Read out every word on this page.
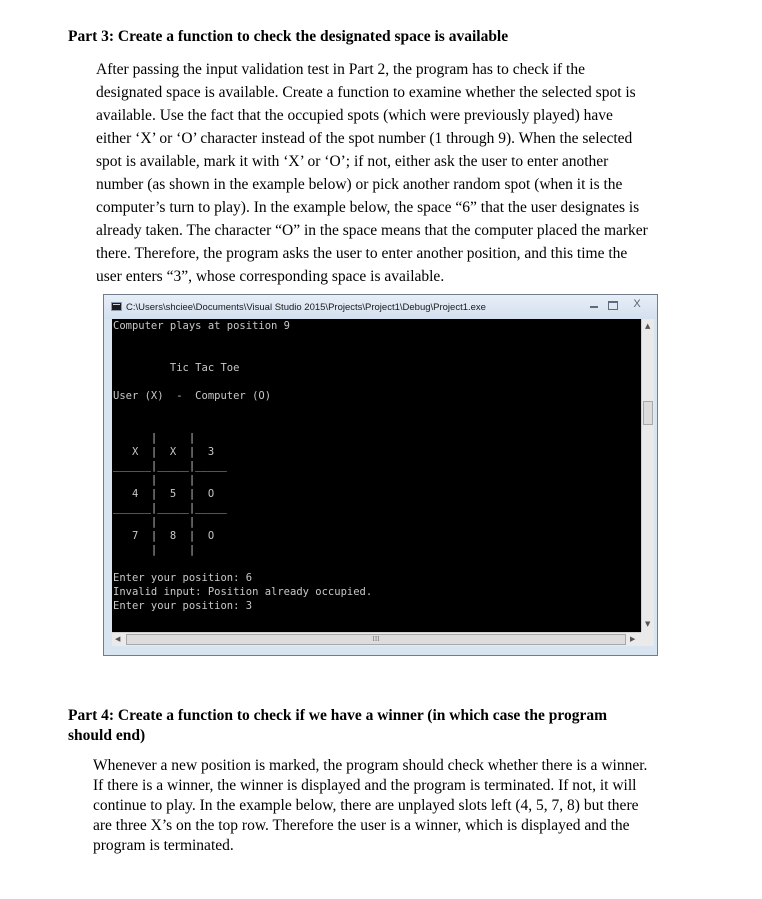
Part 3: Create a function to check the designated space is available
After passing the input validation test in Part 2, the program has to check if the
designated space is available. Create a function to examine whether the selected spot is
available. Use the fact that the occupied spots (which were previously played) have
either ‘X’ or ‘O’ character instead of the spot number (1 through 9). When the selected
spot is available, mark it with ‘X’ or ‘O’; if not, either ask the user to enter another
number (as shown in the example below) or pick another random spot (when it is the
computer’s turn to play). In the example below, the space “6” that the user designates is
already taken. The character “O” in the space means that the computer placed the marker
there. Therefore, the program asks the user to enter another position, and this time the
user enters “3”, whose corresponding space is available.
C:\Users\shciee\Documents\Visual Studio 2015\Projects\Project1\Debug\Project1.exe	X
Computer plays at position 9
Tic Tac Toe
User (X)  -  Computer (O)
|     |
X  |  X  |  3
______|_____|_____
|     |
4  |  5  |  O
______|_____|_____
|     |
7  |  8  |  O
|     |
Enter your position: 6
Invalid input: Position already occupied.
Enter your position: 3
▲
▼
◀	III	▶
Part 4: Create a function to check if we have a winner (in which case the program
should end)
Whenever a new position is marked, the program should check whether there is a winner.
If there is a winner, the winner is displayed and the program is terminated. If not, it will
continue to play. In the example below, there are unplayed slots left (4, 5, 7, 8) but there
are three X’s on the top row. Therefore the user is a winner, which is displayed and the
program is terminated.
